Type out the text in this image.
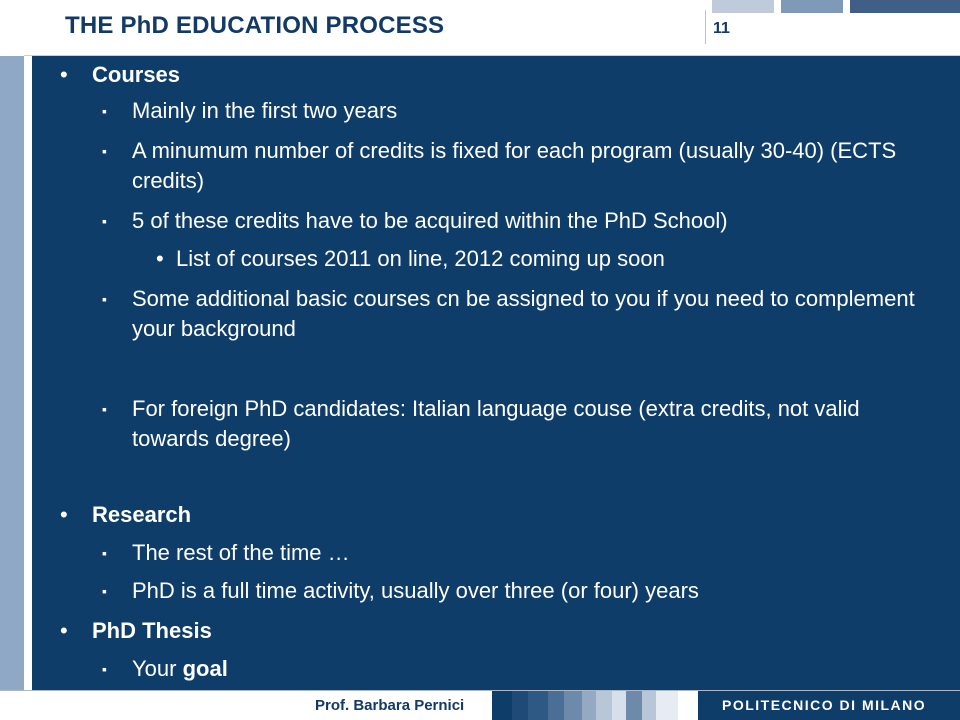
THE PhD EDUCATION PROCESS	11
• Courses
▪ Mainly in the first two years
▪ A minumum number of credits is fixed for each program (usually 30-40) (ECTS credits)
▪ 5 of these credits have to be acquired within the PhD School)
• List of courses 2011 on line, 2012 coming up soon
▪ Some additional basic courses cn be assigned to you if you need to complement your background
▪ For foreign PhD candidates: Italian language couse (extra credits, not valid towards degree)
• Research
▪ The rest of the time …
▪ PhD is a full time activity, usually over three (or four) years
• PhD Thesis
▪ Your goal
Prof. Barbara Pernici	POLITECNICO DI MILANO
